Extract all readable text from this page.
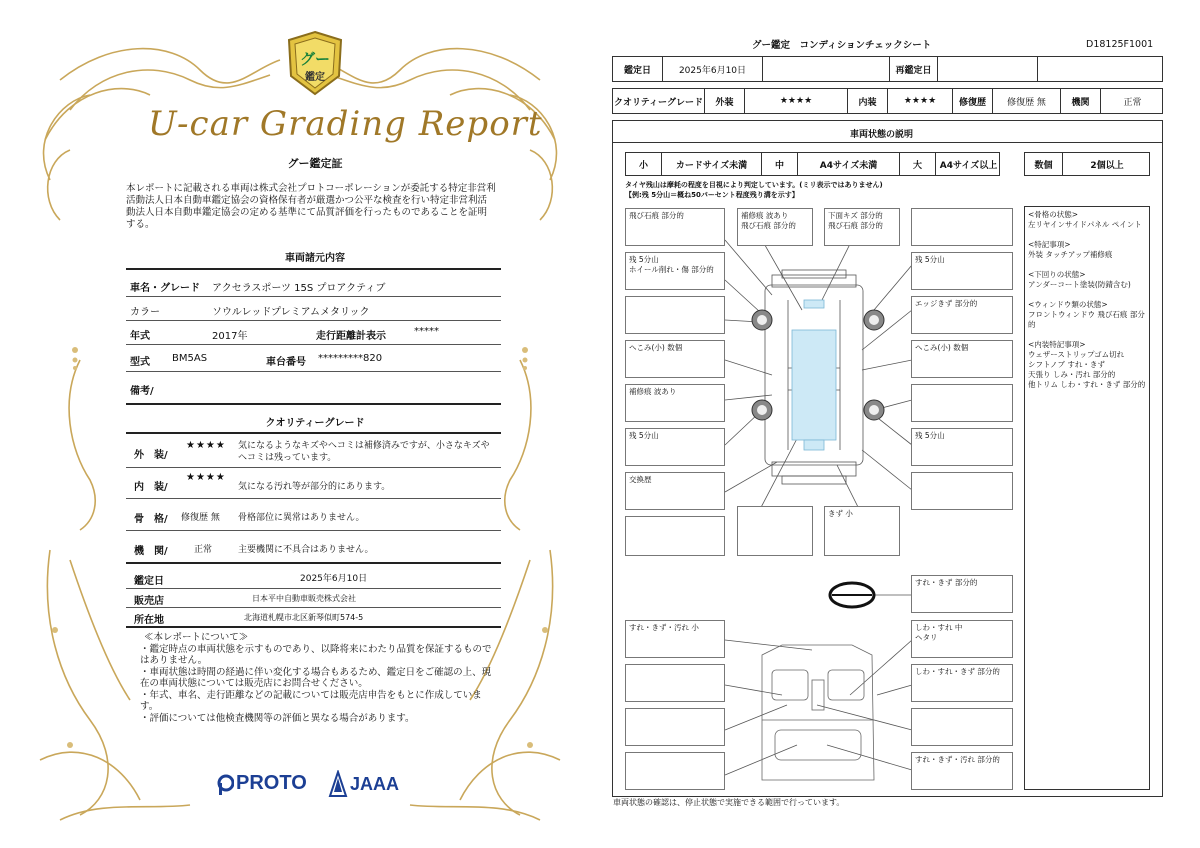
グー
鑑定
U-car Grading Report
グー鑑定証
本レポートに記載される車両は株式会社プロトコーポレーションが委託する特定非営利活動法人日本自動車鑑定協会の資格保有者が厳選かつ公平な検査を行い特定非営利活動法人日本自動車鑑定協会の定める基準にて品質評価を行ったものであることを証明する。
車両諸元内容
車名・グレード アクセラスポーツ 15S プロアクティブ
カラー	ソウルレッドプレミアムメタリック
年式	2017年	走行距離計表示	*****
型式 BM5AS	車台番号 *********820
備考/
クオリティーグレード
外　装/
★★★★ 気になるようなキズやヘコミは補修済みですが、小さなキズやヘコミは残っています。
内　装/
★★★★
気になる汚れ等が部分的にあります。
骨　格/ 修復歴 無 骨格部位に異常はありません。
機　関/	正常	主要機関に不具合はありません。
鑑定日	2025年6月10日
販売店	日本平中自動車販売株式会社
所在地	北海道札幌市北区新琴似町574-5
≪本レポートについて≫
・鑑定時点の車両状態を示すものであり、以降将来にわたり品質を保証するものではありません。
・車両状態は時間の経過に伴い変化する場合もあるため、鑑定日をご確認の上、現在の車両状態については販売店にお問合せください。
・年式、車名、走行距離などの記載については販売店申告をもとに作成しています。
・評価については他検査機関等の評価と異なる場合があります。
PROTO JAAA
グー鑑定　コンディションチェックシート	D18125F1001
鑑定日	2025年6月10日	再鑑定日
クオリティーグレード	外装	★★★★	内装	★★★★	修復歴	修復歴 無	機関	正常
車両状態の説明
小	カードサイズ未満	中	A4サイズ未満	大	A4サイズ以上	数個	2個以上
タイヤ残山は摩耗の程度を目視により判定しています。(ミリ表示ではありません)
【例:残 5分山＝概ね50パーセント程度残り溝を示す】
飛び石痕 部分的
残 5分山
ホイール削れ・傷 部分的
へこみ(小) 数個
補修痕 波あり
残 5分山
交換歴
補修痕 波あり
飛び石痕 部分的
下面キズ 部分的
飛び石痕 部分的
残 5分山
エッジきず 部分的
へこみ(小) 数個
残 5分山
きず 小
すれ・きず 部分的
すれ・きず・汚れ 小	しわ・すれ 中
ヘタリ
しわ・すれ・きず 部分的
すれ・きず・汚れ 部分的
<骨格の状態>
左リヤインサイドパネル ペイント

<特記事項>
外装 タッチアップ補修痕

<下回りの状態>
アンダーコート塗装(防錆含む)

<ウィンドウ類の状態>
フロントウィンドウ 飛び石痕 部分的

<内装特記事項>
ウェザーストリップゴム切れ
シフトノブ すれ・きず
天張り しみ・汚れ 部分的
他トリム しわ・すれ・きず 部分的
車両状態の確認は、停止状態で実施できる範囲で行っています。
